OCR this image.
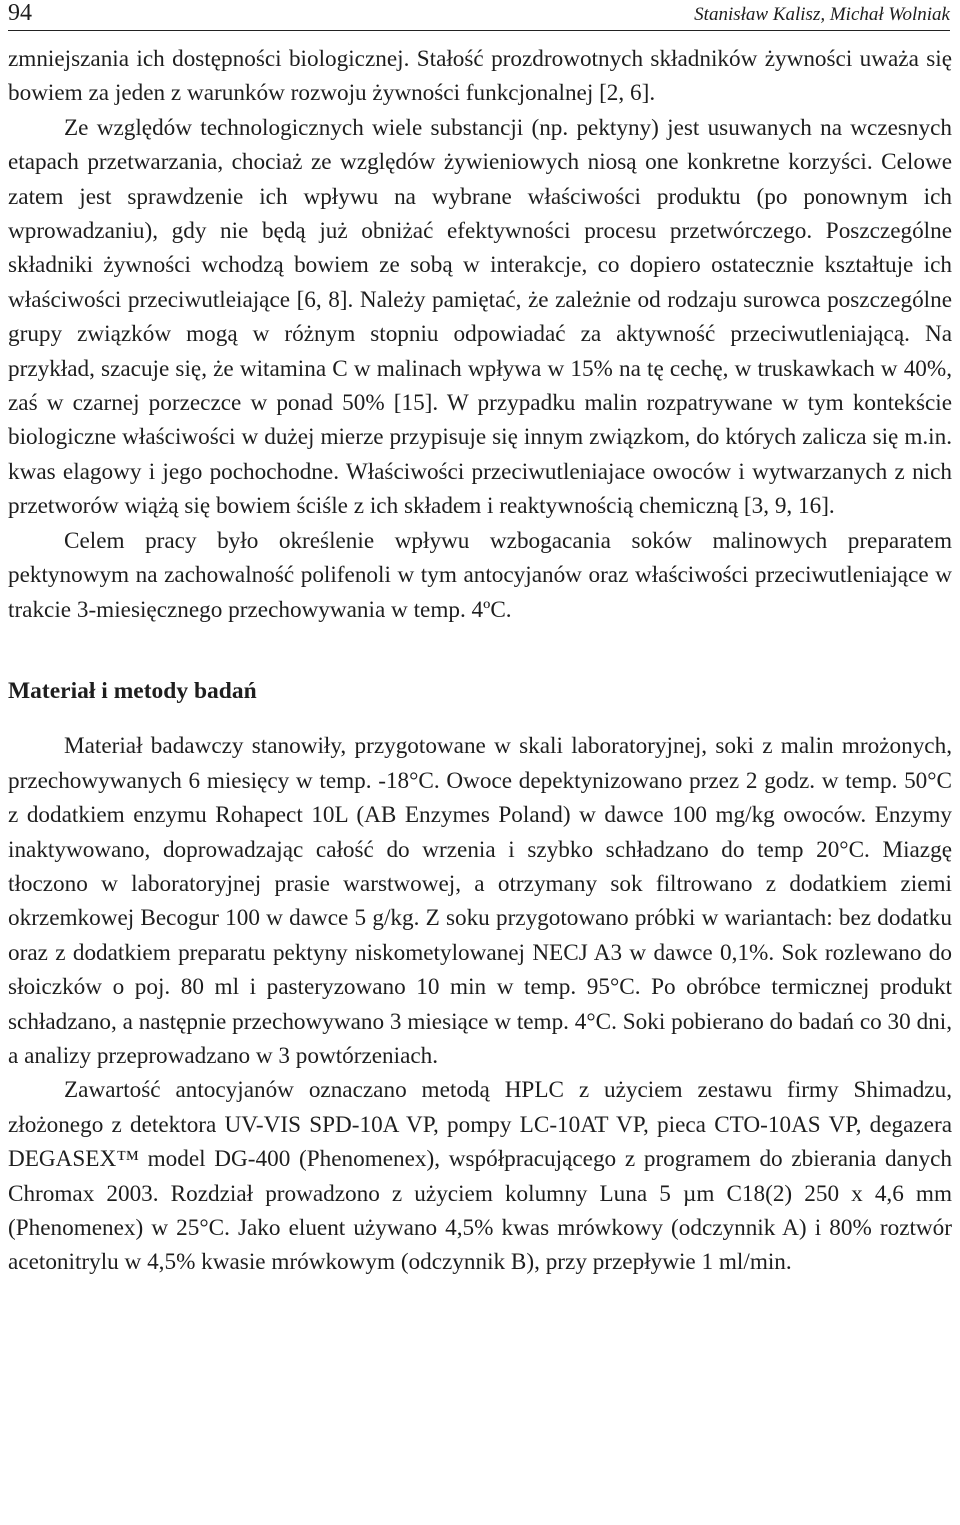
94	Stanisław Kalisz, Michał Wolniak

zmniejszania ich dostępności biologicznej. Stałość prozdrowotnych składników żywności uważa się bowiem za jeden z warunków rozwoju żywności funkcjonalnej [2, 6].

Ze względów technologicznych wiele substancji (np. pektyny) jest usuwanych na wczesnych etapach przetwarzania, chociaż ze względów żywieniowych niosą one konkretne korzyści. Celowe zatem jest sprawdzenie ich wpływu na wybrane właściwości produktu (po ponownym ich wprowadzaniu), gdy nie będą już obniżać efektywności procesu przetwórczego. Poszczególne składniki żywności wchodzą bowiem ze sobą w interakcje, co dopiero ostatecznie kształtuje ich właściwości przeciwutleiające [6, 8]. Należy pamiętać, że zależnie od rodzaju surowca poszczególne grupy związków mogą w różnym stopniu odpowiadać za aktywność przeciwutleniającą. Na przykład, szacuje się, że witamina C w malinach wpływa w 15% na tę cechę, w truskawkach w 40%, zaś w czarnej porzeczce w ponad 50% [15]. W przypadku malin rozpatrywane w tym kontekście biologiczne właściwości w dużej mierze przypisuje się innym związkom, do których zalicza się m.in. kwas elagowy i jego pochochodne. Właściwości przeciwutleniajace owoców i wytwarzanych z nich przetworów wiążą się bowiem ściśle z ich składem i reaktywnością chemiczną [3, 9, 16].

Celem pracy było określenie wpływu wzbogacania soków malinowych preparatem pektynowym na zachowalność polifenoli w tym antocyjanów oraz właściwości przeciwutleniające w trakcie 3-miesięcznego przechowywania w temp. 4ºC.

Materiał i metody badań

Materiał badawczy stanowiły, przygotowane w skali laboratoryjnej, soki z malin mrożonych, przechowywanych 6 miesięcy w temp. -18°C. Owoce depektynizowano przez 2 godz. w temp. 50°C z dodatkiem enzymu Rohapect 10L (AB Enzymes Poland) w dawce 100 mg/kg owoców. Enzymy inaktywowano, doprowadzając całość do wrzenia i szybko schładzano do temp 20°C. Miazgę tłoczono w laboratoryjnej prasie warstwowej, a otrzymany sok filtrowano z dodatkiem ziemi okrzemkowej Becogur 100 w dawce 5 g/kg. Z soku przygotowano próbki w wariantach: bez dodatku oraz z dodatkiem preparatu pektyny niskometylowanej NECJ A3 w dawce 0,1%. Sok rozlewano do słoiczków o poj. 80 ml i pasteryzowano 10 min w temp. 95°C. Po obróbce termicznej produkt schładzano, a następnie przechowywano 3 miesiące w temp. 4°C. Soki pobierano do badań co 30 dni, a analizy przeprowadzano w 3 powtórzeniach.

Zawartość antocyjanów oznaczano metodą HPLC z użyciem zestawu firmy Shimadzu, złożonego z detektora UV-VIS SPD-10A VP, pompy LC-10AT VP, pieca CTO-10AS VP, degazera DEGASEX™ model DG-400 (Phenomenex), współpracującego z programem do zbierania danych Chromax 2003. Rozdział prowadzono z użyciem kolumny Luna 5 µm C18(2) 250 x 4,6 mm (Phenomenex) w 25°C. Jako eluent używano 4,5% kwas mrówkowy (odczynnik A) i 80% roztwór acetonitrylu w 4,5% kwasie mrówkowym (odczynnik B), przy przepływie 1 ml/min.
